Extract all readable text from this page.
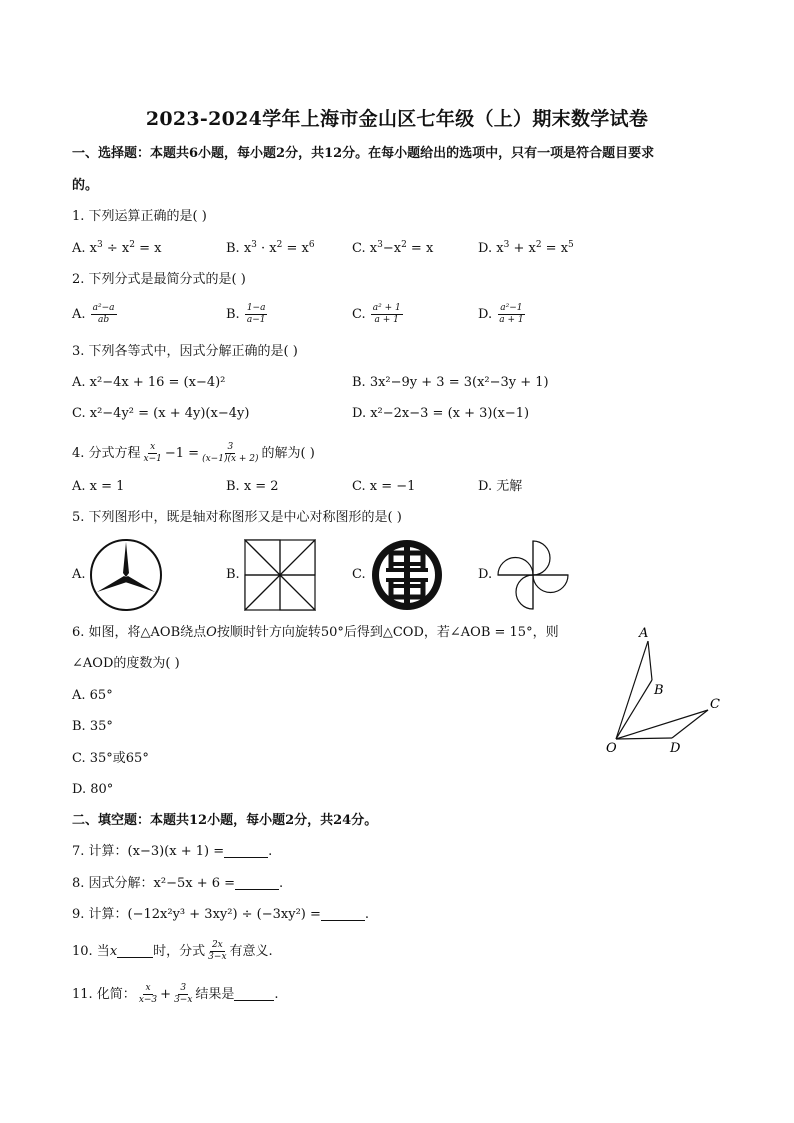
2023-2024学年上海市金山区七年级（上）期末数学试卷
一、选择题：本题共6小题，每小题2分，共12分。在每小题给出的选项中，只有一项是符合题目要求
的。
1. 下列运算正确的是( )
A. $x^3 \div x^2 = x$	B. $x^3 \cdot x^2 = x^6$	C. $x^3-x^2 = x$	D. $x^3 + x^2 = x^5$
2. 下列分式是最简分式的是( )
A. $\frac{\text{a²−a}}{ab}$	B. $\frac{1-a}{a-1}$	C. $\frac{\text{a² + 1}}{a + 1}$	D. $\frac{\text{a²−1}}{a + 1}$
3. 下列各等式中，因式分解正确的是( )
A. x²−4x + 16 = (x−4)²	B. 3x²−9y + 3 = 3(x²−3y + 1)
C. x²−4y² = (x + 4y)(x−4y)	D. x²−2x−3 = (x + 3)(x−1)
4. 分式方程 $\frac{x}{x-1} -1 = \frac{3}{(x-1)(x + 2)}$ 的解为( )
A. x = 1	B. x = 2	C. x = −1	D. 无解
5. 下列图形中，既是轴对称图形又是中心对称图形的是( )
A.	B.	C.	D.
6. 如图，将△AOB绕点O按顺时针方向旋转50°后得到△COD，若∠AOB = 15°，则
∠AOD的度数为( )
A. 65°
B. 35°
C. 35°或65°
D. 80°
A
B
C
O	D
二、填空题：本题共12小题，每小题2分，共24分。
7. 计算：(x−3)(x + 1) =	.
8. 因式分解：x²−5x + 6 =	.
9. 计算：(−12x²y³ + 3xy²) ÷ (−3xy²) =	.
10. 当x	时，分式 $\frac{2x}{3-x}$ 有意义.
11. 化简： $\frac{x}{x-3} + \frac{3}{3-x}$ 结果是	.
